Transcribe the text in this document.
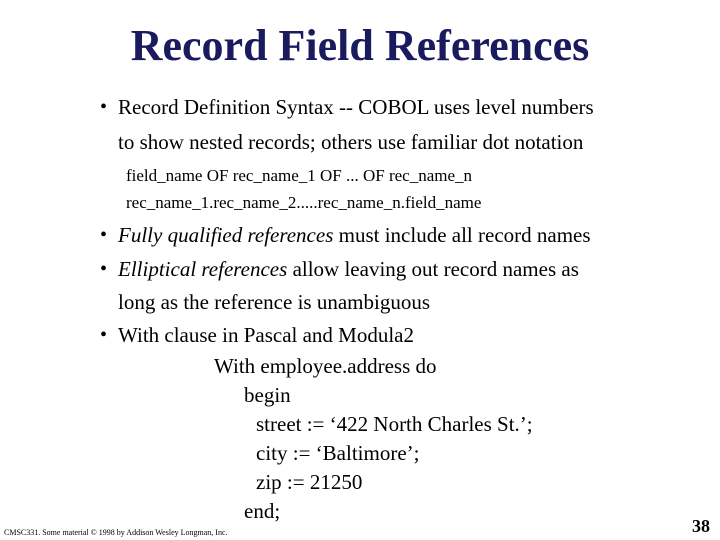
Record Field References
• Record Definition Syntax -- COBOL uses level numbers
to show nested records; others use familiar dot notation
field_name OF rec_name_1 OF ... OF rec_name_n
rec_name_1.rec_name_2.....rec_name_n.field_name
• Fully qualified references must include all record names
• Elliptical references allow leaving out record names as
long as the reference is unambiguous
• With clause in Pascal and Modula2
With employee.address do
begin
street := ‘422 North Charles St.’;
city := ‘Baltimore’;
zip := 21250
end;
CMSC331. Some material © 1998 by Addison Wesley Longman, Inc.	38
